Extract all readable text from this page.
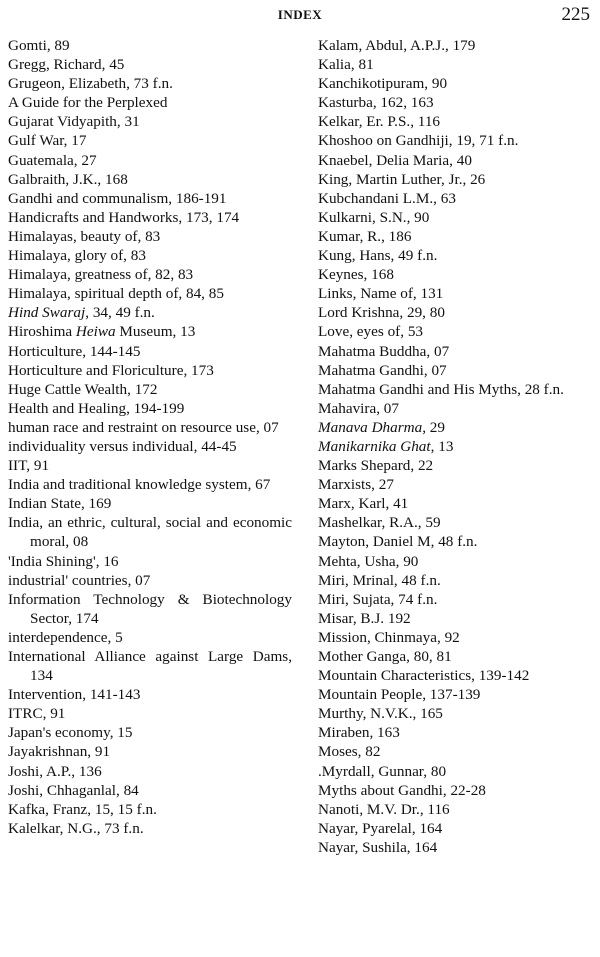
INDEX	225
Gomti, 89
Gregg, Richard, 45
Grugeon, Elizabeth, 73 f.n.
A Guide for the Perplexed
Gujarat Vidyapith, 31
Gulf War, 17
Guatemala, 27
Galbraith, J.K., 168
Gandhi and communalism, 186-191
Handicrafts and Handworks, 173, 174
Himalayas, beauty of, 83
Himalaya, glory of, 83
Himalaya, greatness of, 82, 83
Himalaya, spiritual depth of, 84, 85
Hind Swaraj, 34, 49 f.n.
Hiroshima Heiwa Museum, 13
Horticulture, 144-145
Horticulture and Floriculture, 173
Huge Cattle Wealth, 172
Health and Healing, 194-199
human race and restraint on resource use, 07
individuality versus individual, 44-45
IIT, 91
India and traditional knowledge system, 67
Indian State, 169
India, an ethric, cultural, social and economic moral, 08
'India Shining', 16
industrial' countries, 07
Information Technology & Biotechnology Sector, 174
interdependence, 5
International Alliance against Large Dams, 134
Intervention, 141-143
ITRC, 91
Japan's economy, 15
Jayakrishnan, 91
Joshi, A.P., 136
Joshi, Chhaganlal, 84
Kafka, Franz, 15, 15 f.n.
Kalelkar, N.G., 73 f.n.
Kalam, Abdul, A.P.J., 179
Kalia, 81
Kanchikotipuram, 90
Kasturba, 162, 163
Kelkar, Er. P.S., 116
Khoshoo on Gandhiji, 19, 71 f.n.
Knaebel, Delia Maria, 40
King, Martin Luther, Jr., 26
Kubchandani L.M., 63
Kulkarni, S.N., 90
Kumar, R., 186
Kung, Hans, 49 f.n.
Keynes, 168
Links, Name of, 131
Lord Krishna, 29, 80
Love, eyes of, 53
Mahatma Buddha, 07
Mahatma Gandhi, 07
Mahatma Gandhi and His Myths, 28 f.n.
Mahavira, 07
Manava Dharma, 29
Manikarnika Ghat, 13
Marks Shepard, 22
Marxists, 27
Marx, Karl, 41
Mashelkar, R.A., 59
Mayton, Daniel M, 48 f.n.
Mehta, Usha, 90
Miri, Mrinal, 48 f.n.
Miri, Sujata, 74 f.n.
Misar, B.J. 192
Mission, Chinmaya, 92
Mother Ganga, 80, 81
Mountain Characteristics, 139-142
Mountain People, 137-139
Murthy, N.V.K., 165
Miraben, 163
Moses, 82
.Myrdall, Gunnar, 80
Myths about Gandhi, 22-28
Nanoti, M.V. Dr., 116
Nayar, Pyarelal, 164
Nayar, Sushila, 164
